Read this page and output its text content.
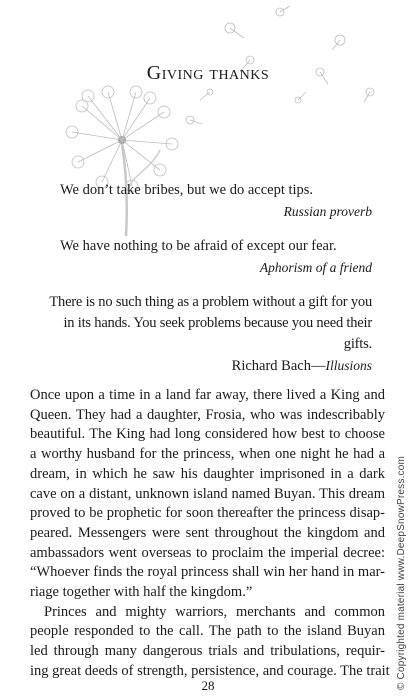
Giving thanks
We don’t take bribes, but we do accept tips.
Russian proverb
We have nothing to be afraid of except our fear.
Aphorism of a friend
There is no such thing as a problem without a gift for you
in its hands. You seek problems because you need their gifts.
Richard Bach—Illusions
Once upon a time in a land far away, there lived a King and
Queen. They had a daughter, Frosia, who was indescribably
beautiful. The King had long considered how best to choose
a worthy husband for the princess, when one night he had a
dream, in which he saw his daughter imprisoned in a dark
cave on a distant, unknown island named Buyan. This dream
proved to be prophetic for soon thereafter the princess disap-
peared. Messengers were sent throughout the kingdom and
ambassadors went overseas to proclaim the imperial decree:
“Whoever finds the royal princess shall win her hand in mar-
riage together with half the kingdom.”
Princes and mighty warriors, merchants and common
people responded to the call. The path to the island Buyan
led through many dangerous trials and tribulations, requir-
ing great deeds of strength, persistence, and courage. The trait
28	© Copyrighted material www.DeepSnowPress.com
